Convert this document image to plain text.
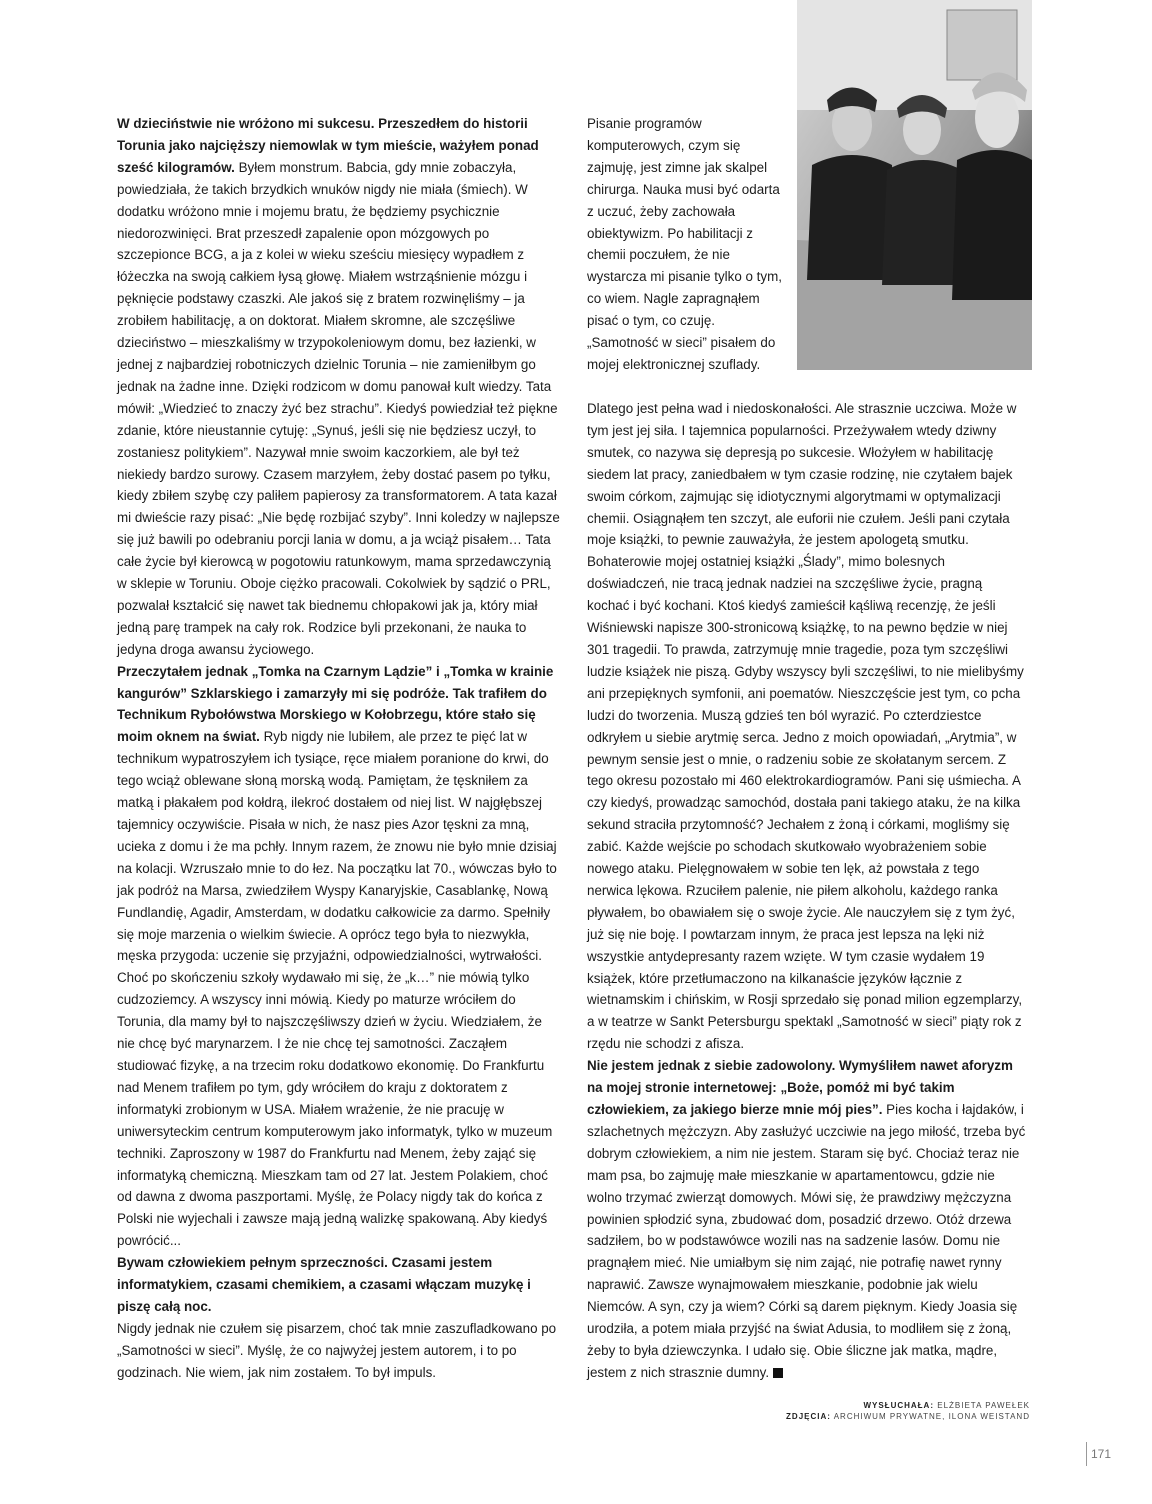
W dzieciństwie nie wróżono mi sukcesu. Przeszedłem do historii Torunia jako najcięższy niemowlak w tym mieście, ważyłem ponad sześć kilogramów. Byłem monstrum. Babcia, gdy mnie zobaczyła, powiedziała, że takich brzydkich wnuków nigdy nie miała (śmiech). W dodatku wróżono mnie i mojemu bratu, że będziemy psychicznie niedorozwinięci. Brat przeszedł zapalenie opon mózgowych po szczepionce BCG, a ja z kolei w wieku sześciu miesięcy wypadłem z łóżeczka na swoją całkiem łysą głowę. Miałem wstrząśnienie mózgu i pęknięcie podstawy czaszki. Ale jakoś się z bratem rozwinęliśmy – ja zrobiłem habilitację, a on doktorat. Miałem skromne, ale szczęśliwe dzieciństwo – mieszkaliśmy w trzypokoleniowym domu, bez łazienki, w jednej z najbardziej robotniczych dzielnic Torunia – nie zamieniłbym go jednak na żadne inne. Dzięki rodzicom w domu panował kult wiedzy. Tata mówił: „Wiedzieć to znaczy żyć bez strachu”. Kiedyś powiedział też piękne zdanie, które nieustannie cytuję: „Synuś, jeśli się nie będziesz uczył, to zostaniesz politykiem”. Nazywał mnie swoim kaczorkiem, ale był też niekiedy bardzo surowy. Czasem marzyłem, żeby dostać pasem po tyłku, kiedy zbiłem szybę czy paliłem papierosy za transformatorem. A tata kazał mi dwieście razy pisać: „Nie będę rozbijać szyby”. Inni koledzy w najlepsze się już bawili po odebraniu porcji lania w domu, a ja wciąż pisałem… Tata całe życie był kierowcą w pogotowiu ratunkowym, mama sprzedawczynią w sklepie w Toruniu. Oboje ciężko pracowali. Cokolwiek by sądzić o PRL, pozwalał kształcić się nawet tak biednemu chłopakowi jak ja, który miał jedną parę trampek na cały rok. Rodzice byli przekonani, że nauka to jedyna droga awansu życiowego.

Przeczytałem jednak „Tomka na Czarnym Lądzie” i „Tomka w krainie kangurów” Szklarskiego i zamarzyły mi się podróże. Tak trafiłem do Technikum Rybołówstwa Morskiego w Kołobrzegu, które stało się moim oknem na świat. Ryb nigdy nie lubiłem, ale przez te pięć lat w technikum wypatroszyłem ich tysiące, ręce miałem poranione do krwi, do tego wciąż oblewane słoną morską wodą. Pamiętam, że tęskniłem za matką i płakałem pod kołdrą, ilekroć dostałem od niej list. W najgłębszej tajemnicy oczywiście. Pisała w nich, że nasz pies Azor tęskni za mną, ucieka z domu i że ma pchły. Innym razem, że znowu nie było mnie dzisiaj na kolacji. Wzruszało mnie to do łez. Na początku lat 70., wówczas było to jak podróż na Marsa, zwiedziłem Wyspy Kanaryjskie, Casablankę, Nową Fundlandię, Agadir, Amsterdam, w dodatku całkowicie za darmo. Spełniły się moje marzenia o wielkim świecie. A oprócz tego była to niezwykła, męska przygoda: uczenie się przyjaźni, odpowiedzialności, wytrwałości. Choć po skończeniu szkoły wydawało mi się, że „k…” nie mówią tylko cudzoziemcy. A wszyscy inni mówią. Kiedy po maturze wróciłem do Torunia, dla mamy był to najszczęśliwszy dzień w życiu. Wiedziałem, że nie chcę być marynarzem. I że nie chcę tej samotności. Zacząłem studiować fizykę, a na trzecim roku dodatkowo ekonomię. Do Frankfurtu nad Menem trafiłem po tym, gdy wróciłem do kraju z doktoratem z informatyki zrobionym w USA. Miałem wrażenie, że nie pracuję w uniwersyteckim centrum komputerowym jako informatyk, tylko w muzeum techniki. Zaproszony w 1987 do Frankfurtu nad Menem, żeby zająć się informatyką chemiczną. Mieszkam tam od 27 lat. Jestem Polakiem, choć od dawna z dwoma paszportami. Myślę, że Polacy nigdy tak do końca z Polski nie wyjechali i zawsze mają jedną walizkę spakowaną. Aby kiedyś powrócić...

Bywam człowiekiem pełnym sprzeczności. Czasami jestem informatykiem, czasami chemikiem, a czasami włączam muzykę i piszę całą noc.

Nigdy jednak nie czułem się pisarzem, choć tak mnie zaszufladkowano po „Samotności w sieci”. Myślę, że co najwyżej jestem autorem, i to po godzinach. Nie wiem, jak nim zostałem. To był impuls.

Pisanie programów komputerowych, czym się zajmuję, jest zimne jak skalpel chirurga. Nauka musi być odarta z uczuć, żeby zachowała obiektywizm. Po habilitacji z chemii poczułem, że nie wystarcza mi pisanie tylko o tym, co wiem. Nagle zapragnąłem pisać o tym, co czuję. „Samotność w sieci” pisałem do mojej elektronicznej szuflady.

Dlatego jest pełna wad i niedoskonałości. Ale strasznie uczciwa. Może w tym jest jej siła. I tajemnica popularności. Przeżywałem wtedy dziwny smutek, co nazywa się depresją po sukcesie. Włożyłem w habilitację siedem lat pracy, zaniedbałem w tym czasie rodzinę, nie czytałem bajek swoim córkom, zajmując się idiotycznymi algorytmami w optymalizacji chemii. Osiągnąłem ten szczyt, ale euforii nie czułem. Jeśli pani czytała moje książki, to pewnie zauważyła, że jestem apologetą smutku. Bohaterowie mojej ostatniej książki „Ślady”, mimo bolesnych doświadczeń, nie tracą jednak nadziei na szczęśliwe życie, pragną kochać i być kochani. Ktoś kiedyś zamieścił kąśliwą recenzję, że jeśli Wiśniewski napisze 300-stronicową książkę, to na pewno będzie w niej 301 tragedii. To prawda, zatrzymuję mnie tragedie, poza tym szczęśliwi ludzie książek nie piszą. Gdyby wszyscy byli szczęśliwi, to nie mielibyśmy ani przepięknych symfonii, ani poematów. Nieszczęście jest tym, co pcha ludzi do tworzenia. Muszą gdzieś ten ból wyrazić. Po czterdziestce odkryłem u siebie arytmię serca. Jedno z moich opowiadań, „Arytmia”, w pewnym sensie jest o mnie, o radzeniu sobie ze skołatanym sercem. Z tego okresu pozostało mi 460 elektrokardiogramów. Pani się uśmiecha. A czy kiedyś, prowadząc samochód, dostała pani takiego ataku, że na kilka sekund straciła przytomność? Jechałem z żoną i córkami, mogliśmy się zabić. Każde wejście po schodach skutkowało wyobrażeniem sobie nowego ataku. Pielęgnowałem w sobie ten lęk, aż powstała z tego nerwica lękowa. Rzuciłem palenie, nie piłem alkoholu, każdego ranka pływałem, bo obawiałem się o swoje życie. Ale nauczyłem się z tym żyć, już się nie boję. I powtarzam innym, że praca jest lepsza na lęki niż wszystkie antydepresanty razem wzięte. W tym czasie wydałem 19 książek, które przetłumaczono na kilkanaście języków łącznie z wietnamskim i chińskim, w Rosji sprzedało się ponad milion egzemplarzy, a w teatrze w Sankt Petersburgu spektakl „Samotność w sieci” piąty rok z rzędu nie schodzi z afisza.

Nie jestem jednak z siebie zadowolony. Wymyśliłem nawet aforyzm na mojej stronie internetowej: „Boże, pomóż mi być takim człowiekiem, za jakiego bierze mnie mój pies”. Pies kocha i łajdaków, i szlachetnych mężczyzn. Aby zasłużyć uczciwie na jego miłość, trzeba być dobrym człowiekiem, a nim nie jestem. Staram się być. Chociaż teraz nie mam psa, bo zajmuję małe mieszkanie w apartamentowcu, gdzie nie wolno trzymać zwierząt domowych. Mówi się, że prawdziwy mężczyzna powinien spłodzić syna, zbudować dom, posadzić drzewo. Otóż drzewa sadziłem, bo w podstawówce wozili nas na sadzenie lasów. Domu nie pragnąłem mieć. Nie umiałbym się nim zająć, nie potrafię nawet rynny naprawić. Zawsze wynajmowałem mieszkanie, podobnie jak wielu Niemców. A syn, czy ja wiem? Córki są darem pięknym. Kiedy Joasia się urodziła, a potem miała przyjść na świat Adusia, to modliłem się z żoną, żeby to była dziewczynka. I udało się. Obie śliczne jak matka, mądre, jestem z nich strasznie dumny.

WYSŁUCHAŁA: ELŻBIETA PAWEŁEK
ZDJĘCIA: ARCHIWUM PRYWATNE, ILONA WEISTAND
171
